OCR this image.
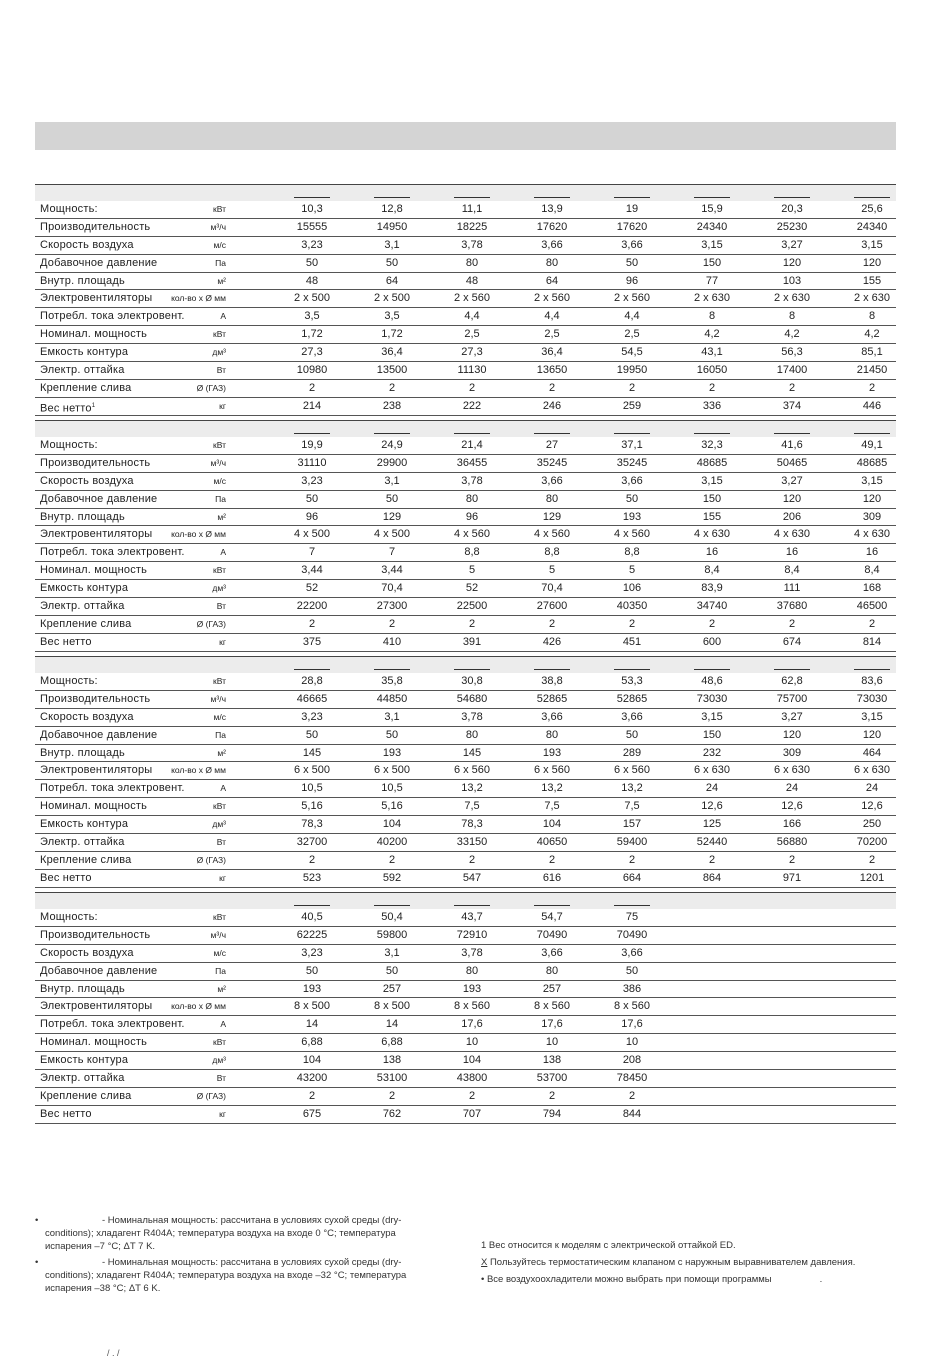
Мощность:	кВт	10,3	12,8	11,1	13,9	19	15,9	20,3	25,6
Производительность	м³/ч	15555	14950	18225	17620	17620	24340	25230	24340
Скорость воздуха	м/с	3,23	3,1	3,78	3,66	3,66	3,15	3,27	3,15
Добавочное давление	Па	50	50	80	80	50	150	120	120
Внутр. площадь	м²	48	64	48	64	96	77	103	155
Электровентиляторы	кол-во x Ø мм	2 x 500	2 x 500	2 x 560	2 x 560	2 x 560	2 x 630	2 x 630	2 x 630
Потребл. тока электровент.	А	3,5	3,5	4,4	4,4	4,4	8	8	8
Номинал. мощность	кВт	1,72	1,72	2,5	2,5	2,5	4,2	4,2	4,2
Емкость контура	дм³	27,3	36,4	27,3	36,4	54,5	43,1	56,3	85,1
Электр. оттайка	Вт	10980	13500	11130	13650	19950	16050	17400	21450
Крепление слива	Ø (ГАЗ)	2	2	2	2	2	2	2	2
Вес нетто$^1$	кг	214	238	222	246	259	336	374	446
Мощность:	кВт	19,9	24,9	21,4	27	37,1	32,3	41,6	49,1
Производительность	м³/ч	31110	29900	36455	35245	35245	48685	50465	48685
Скорость воздуха	м/с	3,23	3,1	3,78	3,66	3,66	3,15	3,27	3,15
Добавочное давление	Па	50	50	80	80	50	150	120	120
Внутр. площадь	м²	96	129	96	129	193	155	206	309
Электровентиляторы	кол-во x Ø мм	4 x 500	4 x 500	4 x 560	4 x 560	4 x 560	4 x 630	4 x 630	4 x 630
Потребл. тока электровент.	А	7	7	8,8	8,8	8,8	16	16	16
Номинал. мощность	кВт	3,44	3,44	5	5	5	8,4	8,4	8,4
Емкость контура	дм³	52	70,4	52	70,4	106	83,9	111	168
Электр. оттайка	Вт	22200	27300	22500	27600	40350	34740	37680	46500
Крепление слива	Ø (ГАЗ)	2	2	2	2	2	2	2	2
Вес нетто	кг	375	410	391	426	451	600	674	814
Мощность:	кВт	28,8	35,8	30,8	38,8	53,3	48,6	62,8	83,6
Производительность	м³/ч	46665	44850	54680	52865	52865	73030	75700	73030
Скорость воздуха	м/с	3,23	3,1	3,78	3,66	3,66	3,15	3,27	3,15
Добавочное давление	Па	50	50	80	80	50	150	120	120
Внутр. площадь	м²	145	193	145	193	289	232	309	464
Электровентиляторы	кол-во x Ø мм	6 x 500	6 x 500	6 x 560	6 x 560	6 x 560	6 x 630	6 x 630	6 x 630
Потребл. тока электровент.	А	10,5	10,5	13,2	13,2	13,2	24	24	24
Номинал. мощность	кВт	5,16	5,16	7,5	7,5	7,5	12,6	12,6	12,6
Емкость контура	дм³	78,3	104	78,3	104	157	125	166	250
Электр. оттайка	Вт	32700	40200	33150	40650	59400	52440	56880	70200
Крепление слива	Ø (ГАЗ)	2	2	2	2	2	2	2	2
Вес нетто	кг	523	592	547	616	664	864	971	1201
Мощность:	кВт	40,5	50,4	43,7	54,7	75
Производительность	м³/ч	62225	59800	72910	70490	70490
Скорость воздуха	м/с	3,23	3,1	3,78	3,66	3,66
Добавочное давление	Па	50	50	80	80	50
Внутр. площадь	м²	193	257	193	257	386
Электровентиляторы	кол-во x Ø мм	8 x 500	8 x 500	8 x 560	8 x 560	8 x 560
Потребл. тока электровент.	А	14	14	17,6	17,6	17,6
Номинал. мощность	кВт	6,88	6,88	10	10	10
Емкость контура	дм³	104	138	104	138	208
Электр. оттайка	Вт	43200	53100	43800	53700	78450
Крепление слива	Ø (ГАЗ)	2	2	2	2	2
Вес нетто	кг	675	762	707	794	844
•	- Номинальная мощность: рассчитана в условиях сухой среды (dry-conditions); хладагент R404A; температура воздуха на входе 0 °С; температура испарения –7 °С; ΔT 7 K.
•	- Номинальная мощность: рассчитана в условиях сухой среды (dry-conditions); хладагент R404A; температура воздуха на входе –32 °С; температура испарения –38 °С; ΔT 6 K.
1 Вес относится к моделям с электрической оттайкой ED.
X Пользуйтесь термостатическим клапаном с наружным выравнивателем давления.
• Все воздухоохладители можно выбрать при помощи программы	.
/ . /
